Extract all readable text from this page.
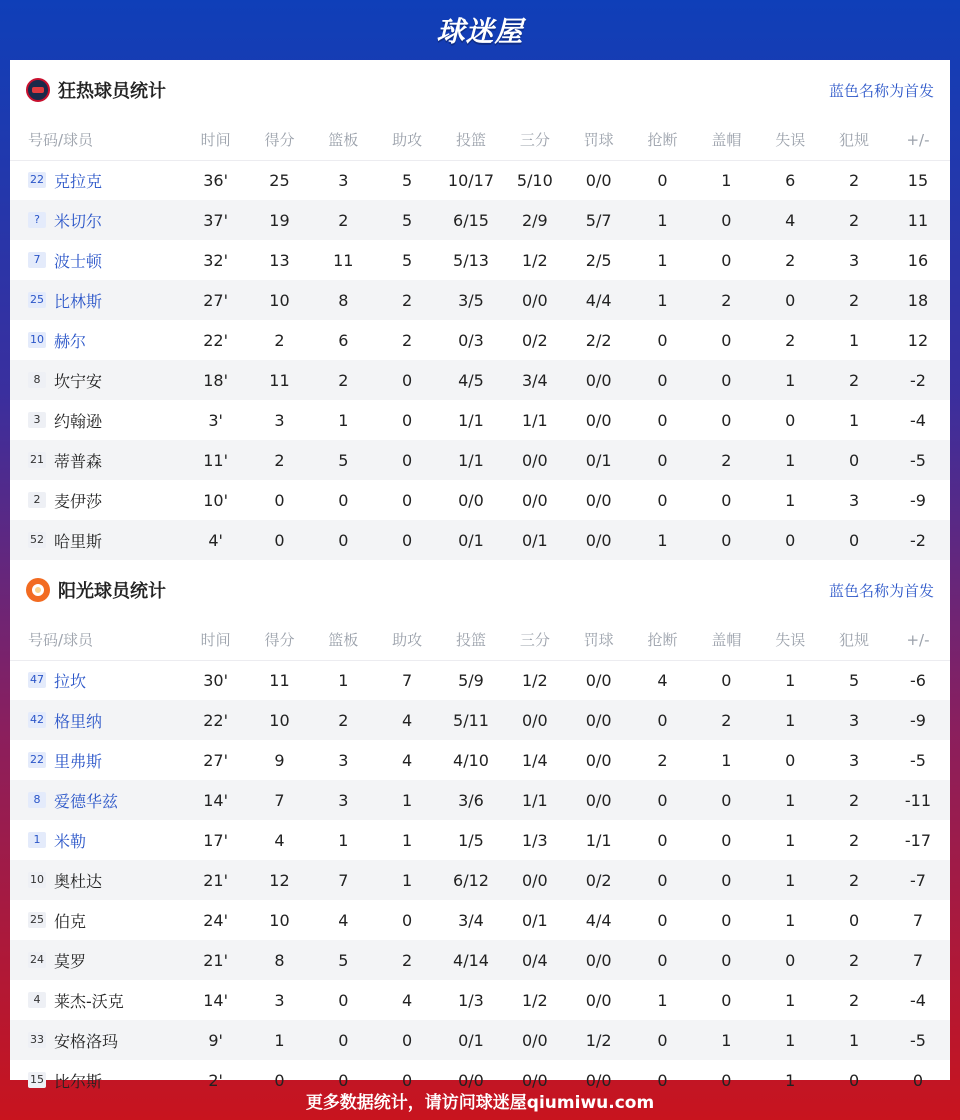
球迷屋
狂热球员统计	蓝色名称为首发
号码/球员	时间	得分	篮板	助攻	投篮	三分	罚球	抢断	盖帽	失误	犯规	+/-
22 克拉克	36'	25	3	5	10/17	5/10	0/0	0	1	6	2	15
? 米切尔	37'	19	2	5	6/15	2/9	5/7	1	0	4	2	11
7 波士顿	32'	13	11	5	5/13	1/2	2/5	1	0	2	3	16
25 比林斯	27'	10	8	2	3/5	0/0	4/4	1	2	0	2	18
10 赫尔	22'	2	6	2	0/3	0/2	2/2	0	0	2	1	12
8 坎宁安	18'	11	2	0	4/5	3/4	0/0	0	0	1	2	-2
3 约翰逊	3'	3	1	0	1/1	1/1	0/0	0	0	0	1	-4
21 蒂普森	11'	2	5	0	1/1	0/0	0/1	0	2	1	0	-5
2 麦伊莎	10'	0	0	0	0/0	0/0	0/0	0	0	1	3	-9
52 哈里斯	4'	0	0	0	0/1	0/1	0/0	1	0	0	0	-2
阳光球员统计	蓝色名称为首发
号码/球员	时间	得分	篮板	助攻	投篮	三分	罚球	抢断	盖帽	失误	犯规	+/-
47 拉坎	30'	11	1	7	5/9	1/2	0/0	4	0	1	5	-6
42 格里纳	22'	10	2	4	5/11	0/0	0/0	0	2	1	3	-9
22 里弗斯	27'	9	3	4	4/10	1/4	0/0	2	1	0	3	-5
8 爱德华兹	14'	7	3	1	3/6	1/1	0/0	0	0	1	2	-11
1 米勒	17'	4	1	1	1/5	1/3	1/1	0	0	1	2	-17
10 奥杜达	21'	12	7	1	6/12	0/0	0/2	0	0	1	2	-7
25 伯克	24'	10	4	0	3/4	0/1	4/4	0	0	1	0	7
24 莫罗	21'	8	5	2	4/14	0/4	0/0	0	0	0	2	7
4 莱杰-沃克	14'	3	0	4	1/3	1/2	0/0	1	0	1	2	-4
33 安格洛玛	9'	1	0	0	0/1	0/0	1/2	0	1	1	1	-5
15 比尔斯	2'	0	0	0	0/0	0/0	0/0	0	0	1	0	0
更多数据统计，请访问球迷屋qiumiwu.com
